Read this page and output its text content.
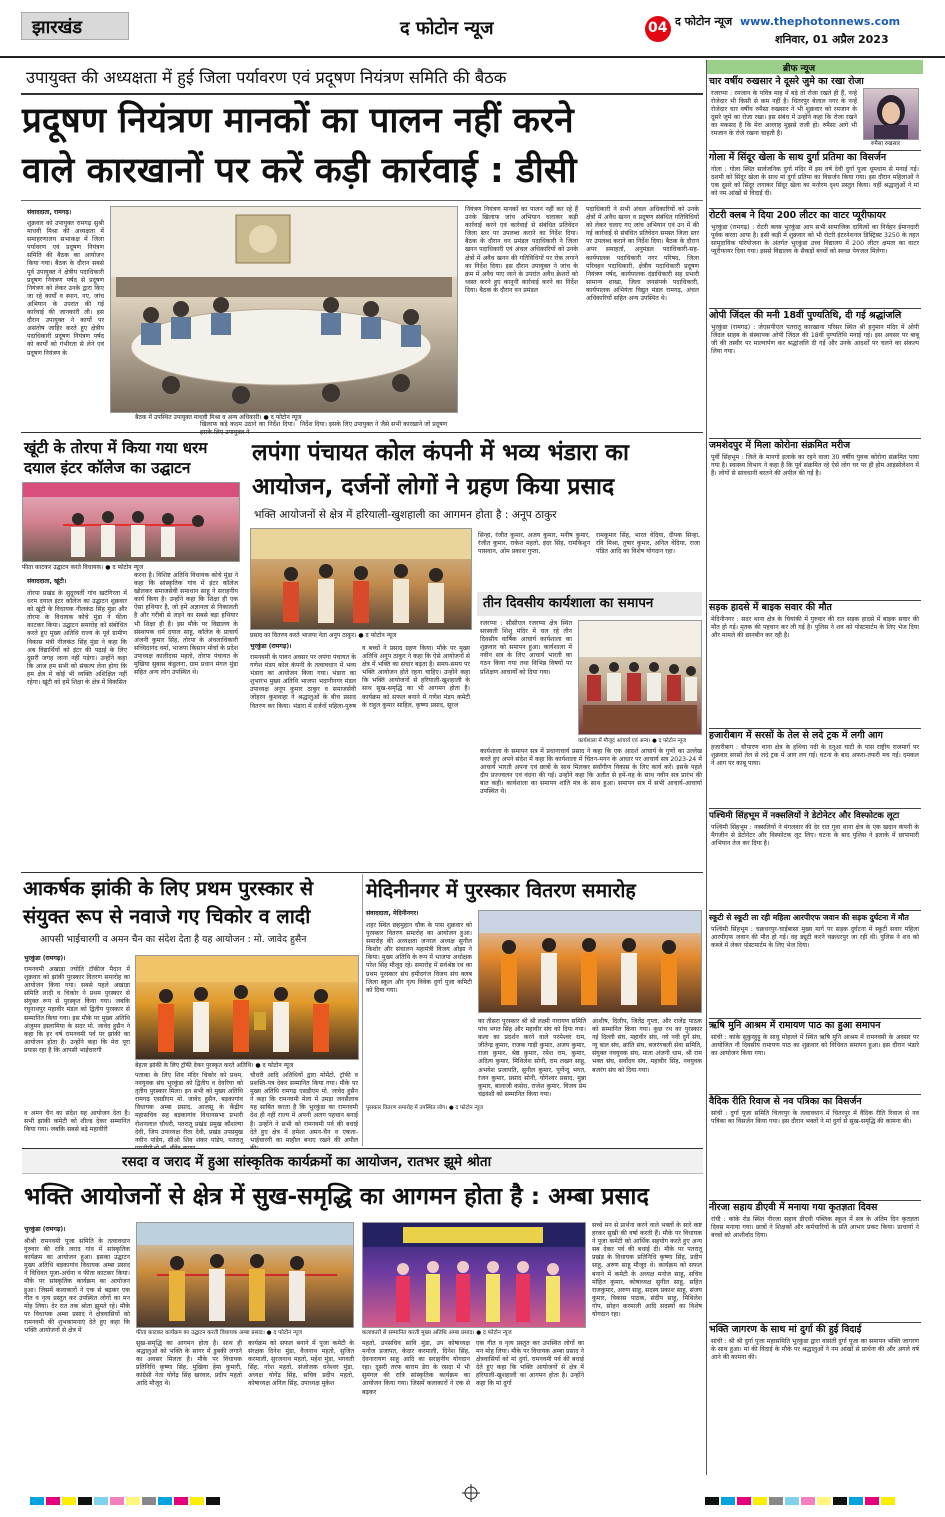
झारखंड	द फोटोन न्यूज	04 द फोटोन न्यूज www.thephotonnews.com
शनिवार, 01 अप्रैल 2023
उपायुक्त की अध्यक्षता में हुई जिला पर्यावरण एवं प्रदूषण नियंत्रण समिति की बैठक
प्रदूषण नियंत्रण मानकों का पालन नहीं करने
वाले कारखानों पर करें कड़ी कार्रवाई : डीसी
संवाददाता, रामगढ़।
शुक्रवार को उपायुक्त रामगढ़ सुश्री माधवी मिश्रा की अध्यक्षता में समाहरणालय सभाकक्ष में जिला पर्यावरण एवं प्रदूषण नियंत्रण समिति की बैठक का आयोजन किया गया। बैठक के दौरान सबसे पूर्व उपायुक्त ने क्षेत्रीय पदाधिकारी प्रदूषण नियंत्रण पर्षद से प्रदूषण नियंत्रण को लेकर उनके द्वारा किए जा रहे कार्यों व स्थान, नए, जांच अभियान के उपरांत की गई कार्रवाई की जानकारी ली। इस दौरान उपायुक्त ने कार्यों पर असंतोष जाहिर करते हुए क्षेत्रीय पदाधिकारी प्रदूषण नियंत्रण पर्षद को कार्यों को गंभीरता से लेने एवं प्रदूषण नियंत्रण के
बैठक में उपस्थित उपायुक्त माधवी मिश्रा व अन्य अधिकारी। ● द फोटोन न्यूज
खिलाफ कड़े कदम उठाने का निर्देश दिया। निर्देश दिया। इसके लिए उपायुक्त ने जैसे सभी कारखाने जो प्रदूषण
नियंत्रण नियंत्रण मानकों का पालन नहीं कर रहे हैं उनके खिलाफ जांच अभियान चलाकर कड़ी कार्रवाई करने एवं कार्रवाई से संबंधित प्रतिवेदन जिला स्तर पर उपलब्ध कराने का निर्देश दिया। बैठक के दौरान वन प्रमंडल पदाधिकारी ने जिला खनन पदाधिकारी एवं अंचल अधिकारियों को उनके क्षेत्रों में अवैध खनन की गतिविधियों पर रोक लगाने का निर्देश दिया। इस दौरान उपायुक्त ने जांच के क्रम में अवैध पाए जाने के उपरांत अवैध क्रेशरों को ध्वस्त करने हुए कानूनी कार्रवाई करने का निर्देश दिया। बैठक के दौरान वन प्रमंडल
पदाधिकारी ने सभी अंचल अधिकारियों को उनके क्षेत्रों में अवैध खनन व प्रदूषण संबंधित गतिविधियों को लेकर चलाए गए जांच अभियान एवं उन में की गई कार्रवाई से संबंधित प्रतिवेदन समस्त जिला स्तर पर उपलब्ध कराने का निर्देश दिया। बैठक के दौरान अपर समाहर्ता, अनुमंडल पदाधिकारी-सह-कार्यपालक पदाधिकारी नगर परिषद, जिला परिवहन पदाधिकारी, क्षेत्रीय पदाधिकारी प्रदूषण नियंत्रण पर्षद, कार्यपालक दंडाधिकारी सह प्रभारी सामान्य शाखा, जिला जनसंपर्क पदाधिकारी, कार्यपालक अभियंता विद्युत मंडल रामगढ़, अंचल अधिकारियों सहित अन्य उपस्थित थे।
खूंटी के तोरपा में किया गया धरम
दयाल इंटर कॉलेज का उद्घाटन
फीता काटकर उद्घाटन करते विधायक। ● द फोटोन न्यूज
संवाददाता, खूंटी।
तोरपा प्रखंड के सुदूरवर्ती गांव खटंगिरता में धरम दयाल इंटर कॉलेज का उद्घाटन शुक्रवार को खूंटी के विधायक नीलकंठ सिंह मुंडा और तोरपा के विधायक कोचे मुंडा ने फीता काटकर किया। उद्घाटन समारोह को संबोधित करते हुए मुख्य अतिथि राज्य के पूर्व ग्रामीण विकास मंत्री नीलकंठ सिंह मुंडा ने कहा कि अब विद्यार्थियों को इंटर की पढ़ाई के लिए दूसरी जगह जाना नहीं पड़ेगा। उन्होंने कहा कि आज हम सभी को संकल्प लेना होगा कि हम क्षेत्र में कोई भी व्यक्ति अशिक्षित नहीं रहेगा। खूंटी को हमें शिक्षा के क्षेत्र में विकसित
करना है। विशिष्ट अतिथि विधायक कोचे मुंडा ने कहा कि सांस्कृतिक गांव में इंटर कॉलेज खोलकर समाजसेवी समाधान साहू ने सराहनीय कार्य किया है। उन्होंने कहा कि शिक्षा ही एक ऐसा हथियार है, जो हमें अज्ञानता से निकालती है और गरीबी से लड़ने का सबसे बड़ा हथियार भी शिक्षा ही है। इस मौके पर विद्यालय के संस्थापक धर्म दयाल साहू, कॉलेज के प्राचार्य अंजनी कुमार सिंह, तोरपा के अंचलाधिकारी सच्चिदानंद वर्मा, भाजपा किसान मोर्चा के प्रदेश उपाध्यक्ष कालीदास महतो, तोरपा पंचायत के मुखिया सुबास कंडुलना, ग्राम प्रधान मंगल मुंडा सहित अन्य लोग उपस्थित थे।
लपंगा पंचायत कोल कंपनी में भव्य भंडारा का
आयोजन, दर्जनों लोगों ने ग्रहण किया प्रसाद
भक्ति आयोजनों से क्षेत्र में हरियाली-खुशहाली का आगमन होता है : अनूप ठाकुर
प्रसाद का वितरण करते भाजपा नेता अनूप ठाकुर। ● द फोटोन न्यूज
सिन्हा, रंजीत कुमार, अजय कुमार, मनीष कुमार, रंजीत कुमार, राकेश महतो, इंदर सिंह, रामकिशुन पासवान, ओम प्रकाश गुप्ता,
रामकुमार सिंह, भारत वेदिया, दीपक सिन्हा, रवि मिश्रा, तुषार कुमार, अनिल वेदिया, राजा पंडित आदि का विशेष योगदान रहा।
भुरकुंडा (रामगढ़)।
रामनवमी के पावन अवसर पर लपंगा पंचायत के गणेश मंडप कोल कंपनी के तत्वावधान में भव्य भंडारा का आयोजन किया गया। भंडारा का शुभारंभ मुख्य अतिथि भाजपा भदानीनगर मंडल उपाध्यक्ष अनूप कुमार ठाकुर व समाजसेवी जोहरन कुशवाहा ने श्रद्धालुओं के बीच प्रसाद वितरण कर किया। भंडारा में दर्जनों महिला-पुरुष
व बच्चों ने प्रसाद ग्रहण किया। मौके पर मुख्य अतिथि अनूप ठाकुर ने कहा कि ऐसे आयोजनों से क्षेत्र में भक्ति का संचार बढ़ता है। समय-समय पर भक्ति आयोजन होते रहना चाहिए। उन्होंने कहा कि भक्ति आयोजनों से हरियाली-खुशहाली के साथ सुख-समृद्धि का भी आगमन होता है। कार्यक्रम को सफल बनाने में गणेश मंडप कमेटी के राहुल कुमार साहिल, कृष्णा प्रसाद, सूरज
तीन दिवसीय कार्यशाला का समापन
रजरप्पा : सीसीएल रजरप्पा क्षेत्र स्थित सरस्वती शिशु मंदिर में चल रहे तीन दिवसीय वार्षिक आचार्य कार्यशाला का शुक्रवार को समापन हुआ। कार्यशाला में नवीन सत्र के लिए आचार्य भारती का गठन किया गया तथा विभिन्न विषयों पर प्रशिक्षण आचार्यों को दिया गया।
कार्यशाला में मौजूद आचार्य एवं अन्य। ● द फोटोन न्यूज
कार्यशाला के समापन सत्र में प्रधानाचार्य प्रसाद ने कहा कि एक आदर्श आचार्य के गुणों का उल्लेख करते हुए अपने संदेश में कहा कि कार्यशाला में चिंतन-मनन के आधार पर आचार्य सत्र 2023-24 में आचार्य भारती अपना एवं छात्रों के साथ मिलकर सर्वांगीण विकास के लिए कार्य करें। इसके पहले दीप प्रज्ज्वलन एवं वंदना की गई। उन्होंने कहा कि अतीत से हमें-यह के साथ नवीन सत्र प्रारंभ की बात कही। कार्यशाला का समापन शांति मंत्र के साथ हुआ। समापन सत्र में सभी आचार्य-आचार्या उपस्थित थे।
आकर्षक झांकी के लिए प्रथम पुरस्कार से
संयुक्त रूप से नवाजे गए चिकोर व लादी
आपसी भाईचारगी व अमन चैन का संदेश देता है यह आयोजन : मो. जावेद हुसैन
भुरकुंडा (रामगढ़)।
रामनवमी अखाड़ा ज्योति टॉकीज मैदान में शुक्रवार को झांकी पुरस्कार वितरण समारोह का आयोजन किया गया। सबसे पहले अखाड़ा समिति लादी व चिकोर ने प्रथम पुरस्कार से संयुक्त रूप से पुरस्कृत किया गया। जबकि रघुनाथपुर महावीर मंडल को द्वितीय पुरस्कार से सम्मानित किया गया। इस मौके पर मुख्य अतिथि अंजुमन इस्लामिया के सदर मो. जावेद हुसैन ने कहा कि हर वर्ष रामनवमी पर्व पर झांकी का आयोजन होता है। उन्होंने कहा कि मेरा पूरा प्रयास रहा है कि आपसी भाईचारगी
बेहतर झांकी के लिए ट्रॉफी देकर पुरस्कृत करते अतिथि। ● द फोटोन न्यूज
व अमन चैन का संदेश यह आयोजन देता है। सभी झांकी कमेटी को शील्ड देकर सम्मानित किया गया। जबकि सबसे बढ़े महावीरी
पताका के लिए शिव मंदिर चिकोर को प्रथम, नवयुवक संघ भुरकुंडा को द्वितीय व देवरिया को तृतीय पुरस्कार मिला। इन सभी को मुख्य अतिथि रामगढ़ एसडीएम मो. जावेद हुसैन, बड़कागांव विधायक अम्बा प्रसाद, आजसू के केंद्रीय महासचिव सह बड़कागांव विधानसभा प्रभारी रोशनलाल चौधरी, पतरातू प्रखंड प्रमुख कौशल्या देवी, जिप उपाध्यक्ष रीता देवी, प्रखंड उपप्रमुख नवीन पांडेय, सीओ शिव शंकर पांडेय, पतरातू
चौधरी आदि अतिथियों द्वारा मोमेंटो, ट्रॉफी व प्रशस्ति-पत्र देकर सम्मानित किया गया। मौके पर मुख्य अतिथि रामगढ़ एसडीएम मो. जावेद हुसैन ने कहा कि रामनवमी मेला में उमड़ा जनसैलाब यह साबित करता है कि भुरकुंडा का रामनवमी देश ही नहीं राज्य में अपनी अलग पहचान बनाई है। उन्होंने ने सभी को रामनवमी पर्व की बधाई देते हुए क्षेत्र में हमेशा अमन-चैन व एकता-भाईचारगी का माहौल बनाए रखने की अपील
मेदिनीनगर में पुरस्कार वितरण समारोह
संवाददाता, मेदिनीनगर।
शहर स्थित छहमुहान चौक के पास शुक्रवार को पुरस्कार वितरण समारोह का आयोजन हुआ। समारोह की अध्यक्षता जनरल अध्यक्ष सुनील किशोर और संचालन महामंत्री विजय ओझा ने किया। मुख्य अतिथि के रूप में भाजपा अधोक्षक परेश सिंह मौजूद रहे। समारोह में सर्वश्रेष्ठ रथ का प्रथम पुरस्कार संघ हमीदगंज विजय संघ क्लब जिला स्कूल और नृत्य विवेक दुर्गा पूजा कमिटी को दिया गया।
पुरस्कार वितरण समारोह में उपस्थित लोग। ● द फोटोन न्यूज
का तीसरा पुरस्कार श्री श्री लक्ष्मी नारायण समिति पांच भगत सिंह और महावीर संघ को दिया गया। कला का प्रदर्शन करने वाले परमेश्वर राम, जीतेन्द्र कुमार, राजक गाड़ी कुमार, अजय कुमार, राजा कुमार, श्रेष्ठ कुमार, रमेश राम, कुमार, अदित्य कुमार, मिथिलेश सोनी, राम लखन साहू, अभयेश प्रजापति, सुनील कुमार, पूर्णेन्दु भगत, रंजन कुमार, प्रसाद सोनी, योगेश्वर प्रसाद, मुन्ना कुमार, बालाजी कसेरा, राजेश कुमार, विजय प्रेम चंद्रवंशी को सम्मानित किया गया।
आशीष, दिलीप, जितेंद्र गुप्ता, और राजेंद्र पाठक को सम्मानित किया गया। कुछ रथ का पुरस्कार नई दिल्ली संघ, महावीर संघ, नये नवी दुर्गे संघ, न्यू बाल संघ, क्रांति संघ, बजरंगबली सेवा समिति, संयुक्त नवयुवक संघ, माता अंजनी धाम, श्री राम भक्त संघ, सर्वोदय संघ, महावीर सिंह, नवयुवक बजरंग संघ को दिया गया।
रसदा व जराद में हुआ सांस्कृतिक कार्यक्रमों का आयोजन, रातभर झूमे श्रोता
भक्ति आयोजनों से क्षेत्र में सुख-समृद्धि का आगमन होता है : अम्बा प्रसाद
भुरकुंडा (रामगढ़)।
श्रीश्री रामनवमी पूजा समिति के तत्वावधान गुरुवार की रात्रि जराद गांव में सांस्कृतिक कार्यक्रम का आयोजन हुआ। इसका उद्घाटन मुख्य अतिथि बड़कागांव विधायक अम्बा प्रसाद ने विधिवत पूजा-अर्चना व फीता काटकर किया। मौके पर सांस्कृतिक कार्यक्रम का आयोजन हुआ। जिसमें कलाकारों ने एक से बढ़कर एक गीत व नृत्य प्रस्तुत कर उपस्थित लोगों का मन मोह लिया। देर रात तक श्रोता झूमते रहे। मौके पर विधायक अम्बा प्रसाद ने क्षेत्रवासियों को रामनवमी की शुभकामनाएं देते हुए कहा कि भक्ति आयोजनों से क्षेत्र में	फीता काटकर कार्यक्रम का उद्घाटन करती विधायक अम्बा प्रसाद। ● द फोटोन न्यूज	कलाकारों से सम्मानित करती मुख्य अतिथि अम्बा प्रसाद। ● द फोटोन न्यूज
सुख-समृद्धि का आगमन होता है। साथ ही श्रद्धालुओं को भक्ति के सागर में डुबकी लगाने का अवसर मिलता है। मौके पर विधायक प्रतिनिधि कृष्णा सिंह, मुखिया हेमा कुमारी, कांग्रेसी नेता योगेंद्र सिंह खरवार, प्रदीप महतो आदि मौजूद थे।
कार्यक्रम को सफल बनाने में पूजा कमेटी के संरक्षक दिनेश मुंडा, वैजनाथ महतो, सुजित करमाली, सुरजनाथ महतो, महेश मुंडा, भगवती सिंह, नरेश महतो, संजोजक धनेश्वर मुंडा, अध्यक्ष योगेंद्र सिंह, सचिव प्रदीप महतो, कोषाध्यक्ष अनिल सिंह, उपाध्यक्ष मुकेश
महतो, उपसचिव सावि मुंडा, उप कोषाध्यक्ष मनोज प्रजापत, केदार करमाली, दिनेश सिंह, देवनारायण साहू आदि का सराहनीय योगदान रहा। दूसरी तरफ बाराम डेरा के रसदा में भी सुमंगल की रात्रि सांस्कृतिक कार्यक्रम का आयोजन किया गया। जिसमें कलाकारों ने एक से बढ़कर
एक गीत व नृत्य प्रस्तुत कर उपस्थित लोगों का मन मोह लिया। मौके पर विधायक अम्बा प्रसाद ने क्षेत्रवासियों को मां दुर्गा, रामनवमी पर्व की बधाई देते हुए कहा कि भक्ति आयोजनों से क्षेत्र में हरियाली-खुशहाली का आगमन होता है। उन्होंने कहा कि मां दुर्गा
सच्चे मन से प्रार्थना करने वाले भक्तों के सारे कष्ट हरकर सुखी की वर्षा करती हैं। मौके पर विधायक ने पूजा कमेटी को आर्थिक सहयोग करते हुए अन्य सब देकर पर्व की बधाई दी। मौके पर पतरातू प्रखंड के विधायक प्रतिनिधि कृष्णा सिंह, प्रदीप साहू, अरुण साहू मौजूद थे। कार्यक्रम को सफल बनाने में कमेटी के अध्यक्ष मनोज साहू, सचिव मोहित कुमार, कोषाध्यक्ष सुनील साहू, सहित राजकुमार, अरुण साहू, सदस्य प्रकाश साहू, संजय कुमार, विकास पाठक, संदीप साहू, मिथिलेश गोप, सोहन करमाली आदि सदस्यों का विशेष योगदान रहा।
ब्रीफ न्यूज
चार वर्षीय रुखसार ने दूसरे जुमे का रखा रोजा
रजरप्पा : रमजान के पवित्र माह में बड़े तो रोजा रखते ही हैं, नन्हे रोजेदार भी किसी से कम नहीं है। चितरपुर बेलाल नगर के नन्हें रोजेदार चार वर्षीय रुमैसा रुखसार ने भी शुक्रवार को रमजान के दूसरे जुमे का रोजा रखा। इस संबंध में उन्होंने कहा कि रोजा रखने का मकसद है कि मेरा अल्लाह मुझसे राजी हो। रुमैसा आगे भी रमजान के रोजे रखना चाहती है।
रुमैसा रुखसार
गोला में सिंदूर खेला के साथ दुर्गा प्रतिमा का विसर्जन
गोला : गोला स्थित सार्वजनिक दुर्गा मंदिर में इस वर्ष देवी दुर्गा पूजा धूमधाम से मनाई गई। दशमी को सिंदूर खेला के साथ मां दुर्गा प्रतिमा का विसर्जन किया गया। इस दौरान महिलाओं ने एक दूसरे को सिंदूर लगाकर सिंदूर खेला का मनोरम दृश्य प्रस्तुत किया। वहीं श्रद्धालुओं ने मां को नम आंखों से विदाई दी।
रोटरी क्लब ने दिया 200 लीटर का वाटर प्यूरीफायर
भुरकुंडा (रामगढ़) : रोटरी क्लब भुरकुंडा आप सभी सामाजिक दायित्वों का निर्वहन ईमानदारी पूर्वक करता आया है। इसी कड़ी में शुक्रवार को भी रोटरी इंटरनेशनल डिस्ट्रिक्ट 3250 के तहत सामुदायिक परियोजना के अंतर्गत भुरकुंडा उच्च विद्यालय में 200 लीटर क्षमता का वाटर प्यूरीफायर दिया गया। इससे विद्यालय के सैकड़ों बच्चों को स्वच्छ पेयजल मिलेगा।
ओपी जिंदल की मनी 18वीं पुण्यतिथि, दी गई श्रद्धांजलि
भुरकुंडा (रामगढ़) : जेएसपीएल पतरातू कारखाना परिसर स्थित श्री हनुमान मंदिर में ओपी जिंदल साहब के संस्थापक ओपी जिंदल की 18वीं पुण्यतिथि मनाई गई। इस अवसर पर बाबू जी की तस्वीर पर माल्यार्पण कर श्रद्धांजलि दी गई और उनके आदर्शों पर चलने का संकल्प लिया गया।
जमशेदपुर में मिला कोरोना संक्रमित मरीज
पूर्वी सिंहभूम : जिले के मानगो इलाके का रहने वाला 30 वर्षीय युवक कोरोना संक्रमित पाया गया है। स्वास्थ्य विभाग ने कहा है कि पूर्व संक्रमित रहे ऐसे लोग घर पर ही होम आइसोलेशन में हैं। लोगों से सावधानी बरतने की अपील की गई है।
सड़क हादसे में बाइक सवार की मौत
मेदिनीनगर : सदर थाना क्षेत्र के चियांकी में गुरुवार की रात सड़क हादसे में बाइक सवार की मौत हो गई। मृतक की पहचान कर ली गई है। पुलिस ने शव को पोस्टमार्टम के लिए भेज दिया और मामले की छानबीन कर रही है।
हजारीबाग में सरसों के तेल से लदे ट्रक में लगी आग
हजारीबाग : चौपारण थाना क्षेत्र के हथिया नदी के दनुआ घाटी के पास राष्ट्रीय राजमार्ग पर शुक्रवार सरसों तेल से लदे ट्रक में आग लग गई। घटना के बाद अफरा-तफरी मच गई। दमकल ने आग पर काबू पाया।
पश्चिमी सिंहभूम में नक्सलियों ने डेटोनेटर और विस्फोटक लूटा
पश्चिमी सिंहभूम : नक्सलियों ने मंगलवार की देर रात गुवा थाना क्षेत्र के एक खदान कंपनी के मैगजीन से डेटोनेटर और विस्फोटक लूट लिए। घटना के बाद पुलिस ने इलाके में छापामारी अभियान तेज कर दिया है।
स्कूटी से स्कूटी ला रही महिला आरपीएफ जवान की सड़क दुर्घटना में मौत
पश्चिमी सिंहभूम : चक्रधरपुर-चाईबासा मुख्य मार्ग पर सड़क दुर्घटना में स्कूटी सवार महिला आरपीएफ जवान की मौत हो गई। वह ड्यूटी करने चक्रधरपुर जा रही थी। पुलिस ने शव को कब्जे में लेकर पोस्टमार्टम के लिए भेज दिया।
ऋषि मुनि आश्रम में रामायण पाठ का हुआ समापन
सांची : कांके सुकुरहुट्टू के साधु मोहल्ले में स्थित ऋषि मुनि आश्रम में रामनवमी के अवसर पर आयोजित नौ दिवसीय रामायण पाठ का शुक्रवार को विधिवत समापन हुआ। इस दौरान भंडारे का आयोजन किया गया।
वैदिक रीति रिवाज से नव पत्रिका का विसर्जन
सांची : दुर्गा पूजा समिति चितरपुर के तत्वावधान में चितरपुर में वैदिक रीति रिवाज से नव पत्रिका का विसर्जन किया गया। इस दौरान भक्तों ने मां दुर्गा से सुख-समृद्धि की कामना की।
नीरजा सहाय डीएवी में मनाया गया कृतज्ञता दिवस
रांची : कांके रोड स्थित नीरजा सहाय डीएवी पब्लिक स्कूल में सत्र के अंतिम दिन कृतज्ञता दिवस मनाया गया। छात्रों ने शिक्षकों और कर्मचारियों के प्रति आभार प्रकट किया। प्राचार्या ने बच्चों को आशीर्वाद दिया।
भक्ति जागरण के साथ मां दुर्गा की हुई विदाई
सांची : श्री श्री दुर्गा पूजा महासमिति भुरकुंडा द्वारा वासंती दुर्गा पूजा का समापन भक्ति जागरण के साथ हुआ। मां की विदाई के मौके पर श्रद्धालुओं ने नम आंखों से प्रार्थना की और अगले वर्ष आने की कामना की।
